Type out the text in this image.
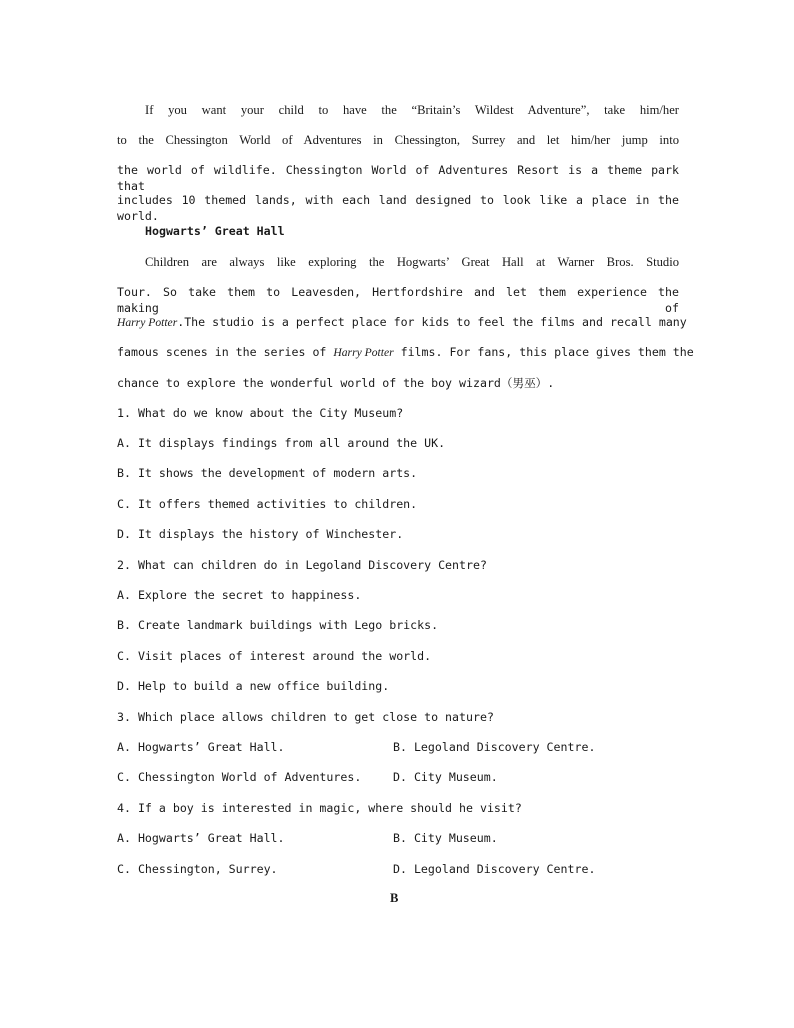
If you want your child to have the “Britain’s Wildest Adventure”, take him/her
to the Chessington World of Adventures in Chessington, Surrey and let him/her jump into
the world of wildlife. Chessington World of Adventures Resort is a theme park that
includes 10 themed lands, with each land designed to look like a place in the world.
Hogwarts’ Great Hall
Children are always like exploring the Hogwarts’ Great Hall at Warner Bros. Studio
Tour. So take them to Leavesden, Hertfordshire and let them experience the making of
Harry Potter.The studio is a perfect place for kids to feel the films and recall many
famous scenes in the series of Harry Potter films. For fans, this place gives them the
chance to explore the wonderful world of the boy wizard（男巫）.
1. What do we know about the City Museum?
A. It displays findings from all around the UK.
B. It shows the development of modern arts.
C. It offers themed activities to children.
D. It displays the history of Winchester.
2. What can children do in Legoland Discovery Centre?
A. Explore the secret to happiness.
B. Create landmark buildings with Lego bricks.
C. Visit places of interest around the world.
D. Help to build a new office building.
3. Which place allows children to get close to nature?
A. Hogwarts’ Great Hall.	B. Legoland Discovery Centre.
C. Chessington World of Adventures.	D. City Museum.
4. If a boy is interested in magic, where should he visit?
A. Hogwarts’ Great Hall.	B. City Museum.
C. Chessington, Surrey.	D. Legoland Discovery Centre.
B
